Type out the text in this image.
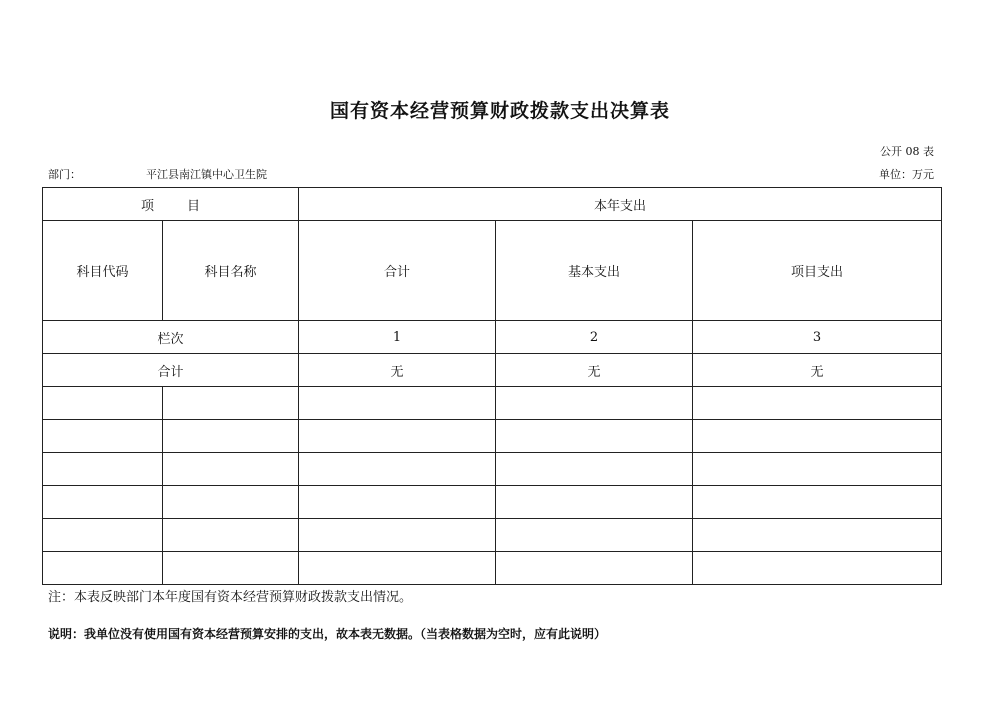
国有资本经营预算财政拨款支出决算表
公开 08 表
部门：	平江县南江镇中心卫生院	单位：万元
项        目		本年支出		
科目代码	科目名称	合计	基本支出	项目支出
栏次		1	2	3
合计		无	无	无

注：本表反映部门本年度国有资本经营预算财政拨款支出情况。
说明：我单位没有使用国有资本经营预算安排的支出，故本表无数据。（当表格数据为空时，应有此说明）
